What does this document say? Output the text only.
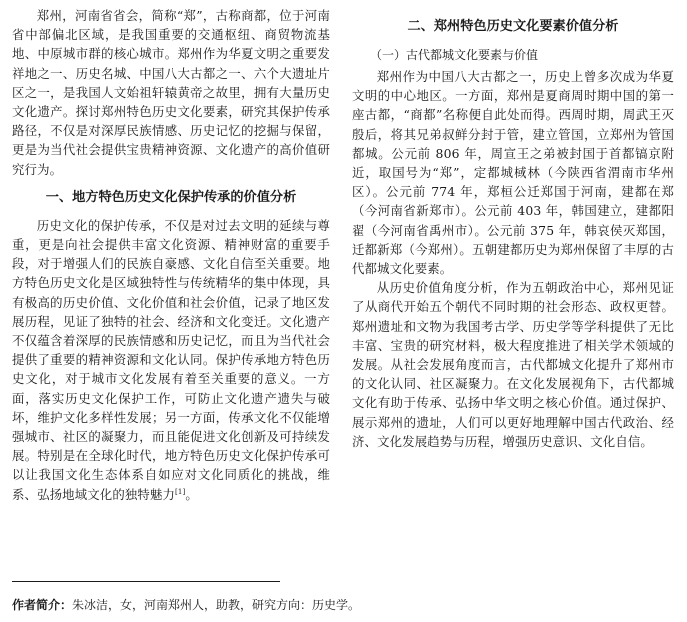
郑州，河南省省会，简称“郑”，古称商都，位于河南省中部偏北区域，是我国重要的交通枢纽、商贸物流基地、中原城市群的核心城市。郑州作为华夏文明之重要发祥地之一、历史名城、中国八大古都之一、六个大遗址片区之一，是我国人文始祖轩辕黄帝之故里，拥有大量历史文化遗产。探讨郑州特色历史文化要素，研究其保护传承路径，不仅是对深厚民族情感、历史记忆的挖掘与保留，更是为当代社会提供宝贵精神资源、文化遗产的高价值研究行为。

一、地方特色历史文化保护传承的价值分析

历史文化的保护传承，不仅是对过去文明的延续与尊重，更是向社会提供丰富文化资源、精神财富的重要手段，对于增强人们的民族自豪感、文化自信至关重要。地方特色历史文化是区域独特性与传统精华的集中体现，具有极高的历史价值、文化价值和社会价值，记录了地区发展历程，见证了独特的社会、经济和文化变迁。文化遗产不仅蕴含着深厚的民族情感和历史记忆，而且为当代社会提供了重要的精神资源和文化认同。保护传承地方特色历史文化，对于城市文化发展有着至关重要的意义。一方面，落实历史文化保护工作，可防止文化遗产遗失与破坏，维护文化多样性发展；另一方面，传承文化不仅能增强城市、社区的凝聚力，而且能促进文化创新及可持续发展。特别是在全球化时代，地方特色历史文化保护传承可以让我国文化生态体系自如应对文化同质化的挑战，维系、弘扬地域文化的独特魅力[1]。

二、郑州特色历史文化要素价值分析
（一）古代都城文化要素与价值

郑州作为中国八大古都之一，历史上曾多次成为华夏文明的中心地区。一方面，郑州是夏商周时期中国的第一座古都，“商都”名称便自此处而得。西周时期，周武王灭殷后，将其兄弟叔鲜分封于管，建立管国，立郑州为管国都城。公元前 806 年，周宣王之弟被封国于首都镐京附近，取国号为“郑”，定都城棫林（今陕西省渭南市华州区）。公元前 774 年，郑桓公迁郑国于河南，建都在郑（今河南省新郑市）。公元前 403 年，韩国建立，建都阳翟（今河南省禹州市）。公元前 375 年，韩哀侯灭郑国，迁都新郑（今郑州）。五朝建都历史为郑州保留了丰厚的古代都城文化要素。

从历史价值角度分析，作为五朝政治中心，郑州见证了从商代开始五个朝代不同时期的社会形态、政权更替。郑州遗址和文物为我国考古学、历史学等学科提供了无比丰富、宝贵的研究材料，极大程度推进了相关学术领域的发展。从社会发展角度而言，古代都城文化提升了郑州市的文化认同、社区凝聚力。在文化发展视角下，古代都城文化有助于传承、弘扬中华文明之核心价值。通过保护、展示郑州的遗址，人们可以更好地理解中国古代政治、经济、文化发展趋势与历程，增强历史意识、文化自信。

作者简介：朱冰洁，女，河南郑州人，助教，研究方向：历史学。
